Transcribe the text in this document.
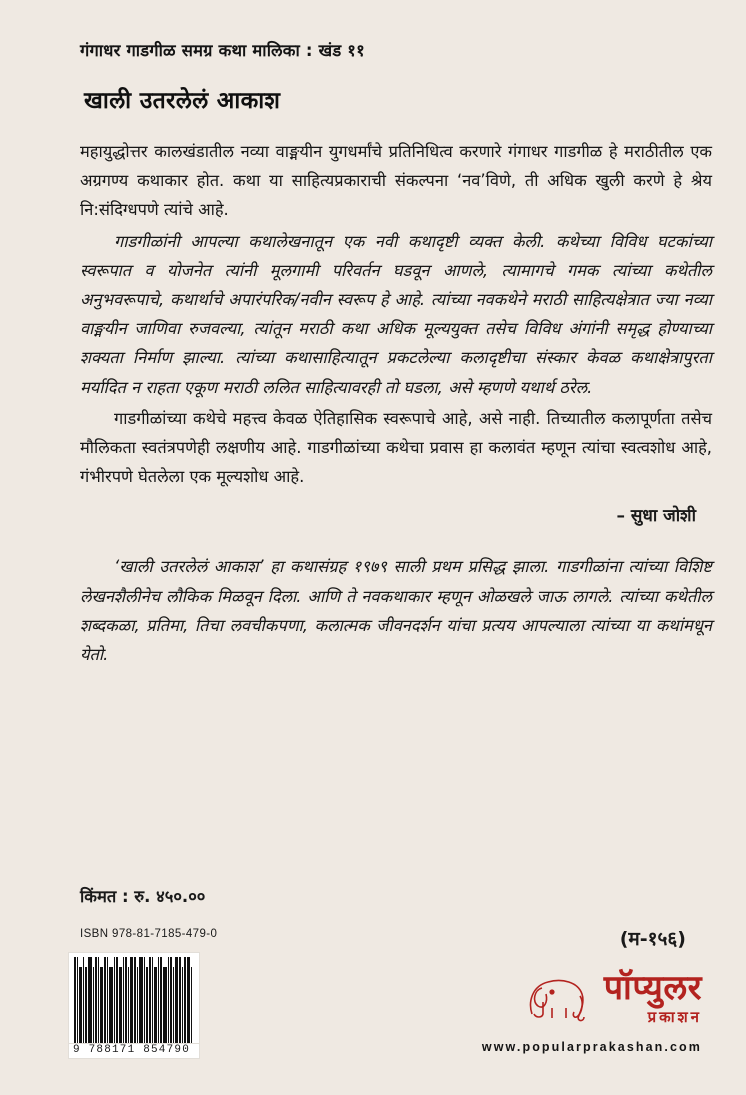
गंगाधर गाडगीळ समग्र कथा मालिका : खंड ११
खाली उतरलेलं आकाश

महायुद्धोत्तर कालखंडातील नव्या वाङ्मयीन युगधर्मांचे प्रतिनिधित्व करणारे गंगाधर गाडगीळ हे मराठीतील एक अग्रगण्य कथाकार होत. कथा या साहित्यप्रकाराची संकल्पना ‘नव’विणे, ती अधिक खुली करणे हे श्रेय नि:संदिग्धपणे त्यांचे आहे.

गाडगीळांनी आपल्या कथालेखनातून एक नवी कथादृष्टी व्यक्त केली. कथेच्या विविध घटकांच्या स्वरूपात व योजनेत त्यांनी मूलगामी परिवर्तन घडवून आणले, त्यामागचे गमक त्यांच्या कथेतील अनुभवरूपाचे, कथार्थाचे अपारंपरिक/नवीन स्वरूप हे आहे. त्यांच्या नवकथेने मराठी साहित्यक्षेत्रात ज्या नव्या वाङ्मयीन जाणिवा रुजवल्या, त्यांतून मराठी कथा अधिक मूल्ययुक्त तसेच विविध अंगांनी समृद्ध होण्याच्या शक्यता निर्माण झाल्या. त्यांच्या कथासाहित्यातून प्रकटलेल्या कलादृष्टीचा संस्कार केवळ कथाक्षेत्रापुरता मर्यादित न राहता एकूण मराठी ललित साहित्यावरही तो घडला, असे म्हणणे यथार्थ ठरेल.

गाडगीळांच्या कथेचे महत्त्व केवळ ऐतिहासिक स्वरूपाचे आहे, असे नाही. तिच्यातील कलापूर्णता तसेच मौलिकता स्वतंत्रपणेही लक्षणीय आहे. गाडगीळांच्या कथेचा प्रवास हा कलावंत म्हणून त्यांचा स्वत्वशोध आहे, गंभीरपणे घेतलेला एक मूल्यशोध आहे.

– सुधा जोशी

‘खाली उतरलेलं आकाश’ हा कथासंग्रह १९७९ साली प्रथम प्रसिद्ध झाला. गाडगीळांना त्यांच्या विशिष्ट लेखनशैलीनेच लौकिक मिळवून दिला. आणि ते नवकथाकार म्हणून ओळखले जाऊ लागले. त्यांच्या कथेतील शब्दकळा, प्रतिमा, तिचा लवचीकपणा, कलात्मक जीवनदर्शन यांचा प्रत्यय आपल्याला त्यांच्या या कथांमधून येतो.

किंमत : रु. ४५०.००
ISBN 978-81-7185-479-0	(म-१५६)
9 788171 854790
पॉप्युलर
प्रकाशन
www.popularprakashan.com
